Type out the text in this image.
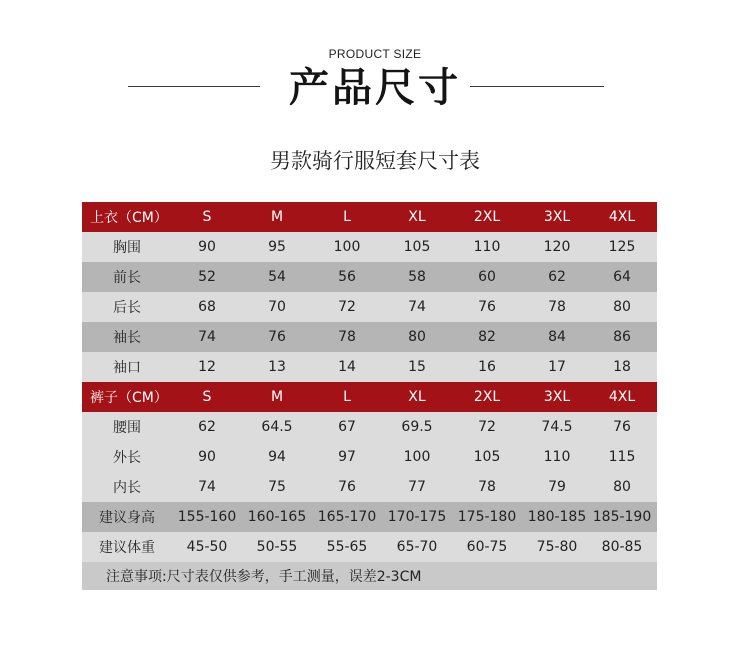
PRODUCT SIZE
产品尺寸
男款骑行服短套尺寸表
上衣（CM）	S	M	L	XL	2XL	3XL	4XL
胸围	90	95	100	105	110	120	125
前长	52	54	56	58	60	62	64
后长	68	70	72	74	76	78	80
袖长	74	76	78	80	82	84	86
袖口	12	13	14	15	16	17	18
裤子（CM）	S	M	L	XL	2XL	3XL	4XL
腰围	62	64.5	67	69.5	72	74.5	76
外长	90	94	97	100	105	110	115
内长	74	75	76	77	78	79	80
建议身高	155-160 160-165 165-170 170-175 175-180 180-185 185-190
建议体重	45-50	50-55	55-65	65-70	60-75	75-80	80-85
注意事项:尺寸表仅供参考，手工测量，误差2-3CM
